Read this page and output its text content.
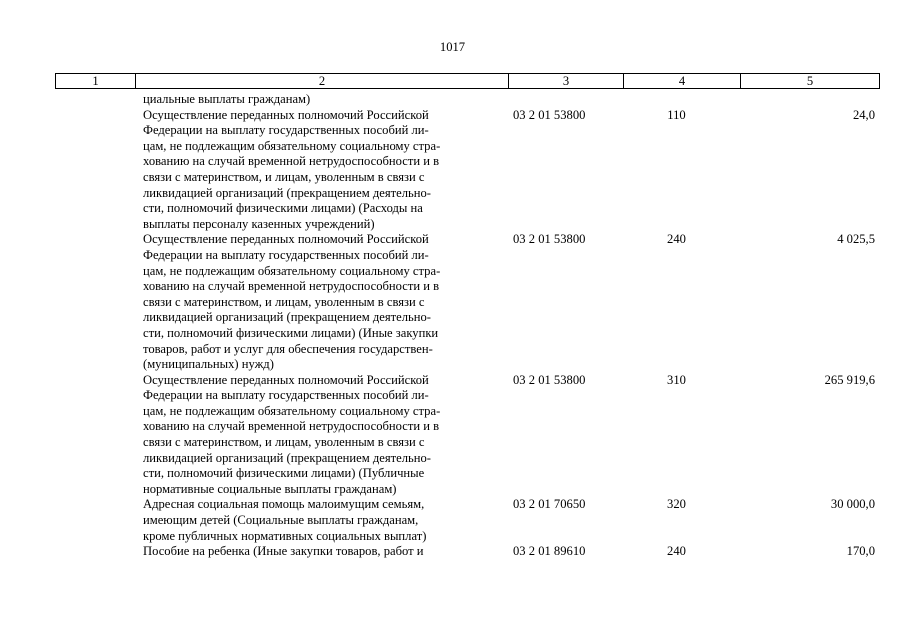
1017
1	2	3	4	5
циальные выплаты гражданам)
Осуществление переданных полномочий Российской
Федерации на выплату государственных пособий ли-
цам, не подлежащим обязательному социальному стра-
хованию на случай временной нетрудоспособности и в
связи с материнством, и лицам, уволенным в связи с
ликвидацией организаций (прекращением деятельно-
сти, полномочий физическими лицами) (Расходы на
выплаты персоналу казенных учреждений)
03 2 01 53800	110	24,0
Осуществление переданных полномочий Российской
Федерации на выплату государственных пособий ли-
цам, не подлежащим обязательному социальному стра-
хованию на случай временной нетрудоспособности и в
связи с материнством, и лицам, уволенным в связи с
ликвидацией организаций (прекращением деятельно-
сти, полномочий физическими лицами) (Иные закупки
товаров, работ и услуг для обеспечения государствен-
(муниципальных) нужд)
03 2 01 53800	240	4 025,5
Осуществление переданных полномочий Российской
Федерации на выплату государственных пособий ли-
цам, не подлежащим обязательному социальному стра-
хованию на случай временной нетрудоспособности и в
связи с материнством, и лицам, уволенным в связи с
ликвидацией организаций (прекращением деятельно-
сти, полномочий физическими лицами) (Публичные
нормативные социальные выплаты гражданам)
03 2 01 53800	310	265 919,6
Адресная социальная помощь малоимущим семьям,
имеющим детей (Социальные выплаты гражданам,
кроме публичных нормативных социальных выплат)
03 2 01 70650	320	30 000,0
Пособие на ребенка (Иные закупки товаров, работ и	03 2 01 89610	240	170,0
